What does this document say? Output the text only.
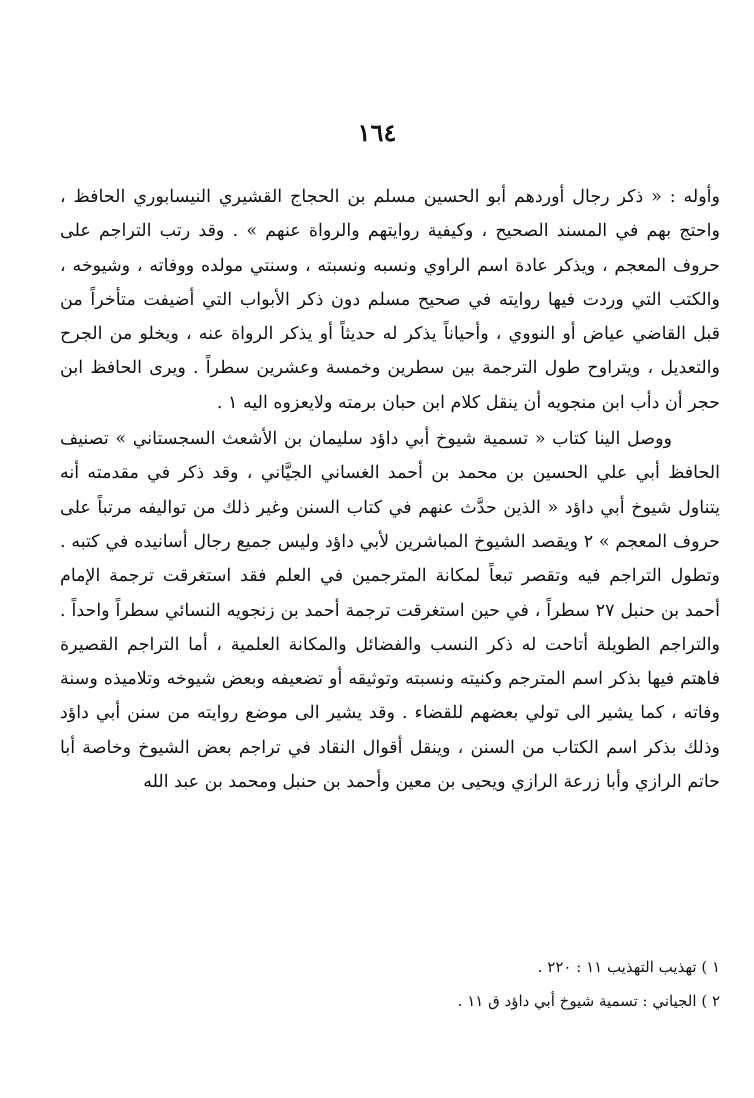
١٦٤

وأوله : « ذكر رجال أوردهم أبو الحسين مسلم بن الحجاج القشيري النيسابوري الحافظ ، واحتج بهم في المسند الصحيح ، وكيفية روايتهم والرواة عنهم » . وقد رتب التراجم على حروف المعجم ، ويذكر عادة اسم الراوي ونسبه ونسبته ، وسنتي مولده ووفاته ، وشيوخه ، والكتب التي وردت فيها روايته في صحيح مسلم دون ذكر الأبواب التي أضيفت متأخراً من قبل القاضي عياض أو النووي ، وأحياناً يذكر له حديثاً أو يذكر الرواة عنه ، ويخلو من الجرح والتعديل ، ويتراوح طول الترجمة بين سطرين وخمسة وعشرين سطراً . ويرى الحافظ ابن حجر أن دأب ابن منجويه أن ينقل كلام ابن حبان برمته ولايعزوه اليه ١ .

ووصل الينا كتاب « تسمية شيوخ أبي داؤد سليمان بن الأشعث السجستاني » تصنيف الحافظ أبي علي الحسين بن محمد بن أحمد الغساني الجيَّاني ، وقد ذكر في مقدمته أنه يتناول شيوخ أبي داؤد « الذين حدَّث عنهم في كتاب السنن وغير ذلك من تواليفه مرتباً على حروف المعجم » ٢ ويقصد الشيوخ المباشرين لأبي داؤد وليس جميع رجال أسانيده في كتبه . وتطول التراجم فيه وتقصر تبعاً لمكانة المترجمين في العلم فقد استغرقت ترجمة الإمام أحمد بن حنبل ٢٧ سطراً ، في حين استغرقت ترجمة أحمد بن زنجويه النسائي سطراً واحداً . والتراجم الطويلة أتاحت له ذكر النسب والفضائل والمكانة العلمية ، أما التراجم القصيرة فاهتم فيها بذكر اسم المترجم وكنيته ونسبته وتوثيقه أو تضعيفه وبعض شيوخه وتلاميذه وسنة وفاته ، كما يشير الى تولي بعضهم للقضاء . وقد يشير الى موضع روايته من سنن أبي داؤد وذلك بذكر اسم الكتاب من السنن ، وينقل أقوال النقاد في تراجم بعض الشيوخ وخاصة أبا حاتم الرازي وأبا زرعة الرازي ويحيى بن معين وأحمد بن حنبل ومحمد بن عبد الله

١ ) تهذيب التهذيب ١١ : ٢٢٠ .
٢ ) الجياني : تسمية شيوخ أبي داؤد ق ١١ .
